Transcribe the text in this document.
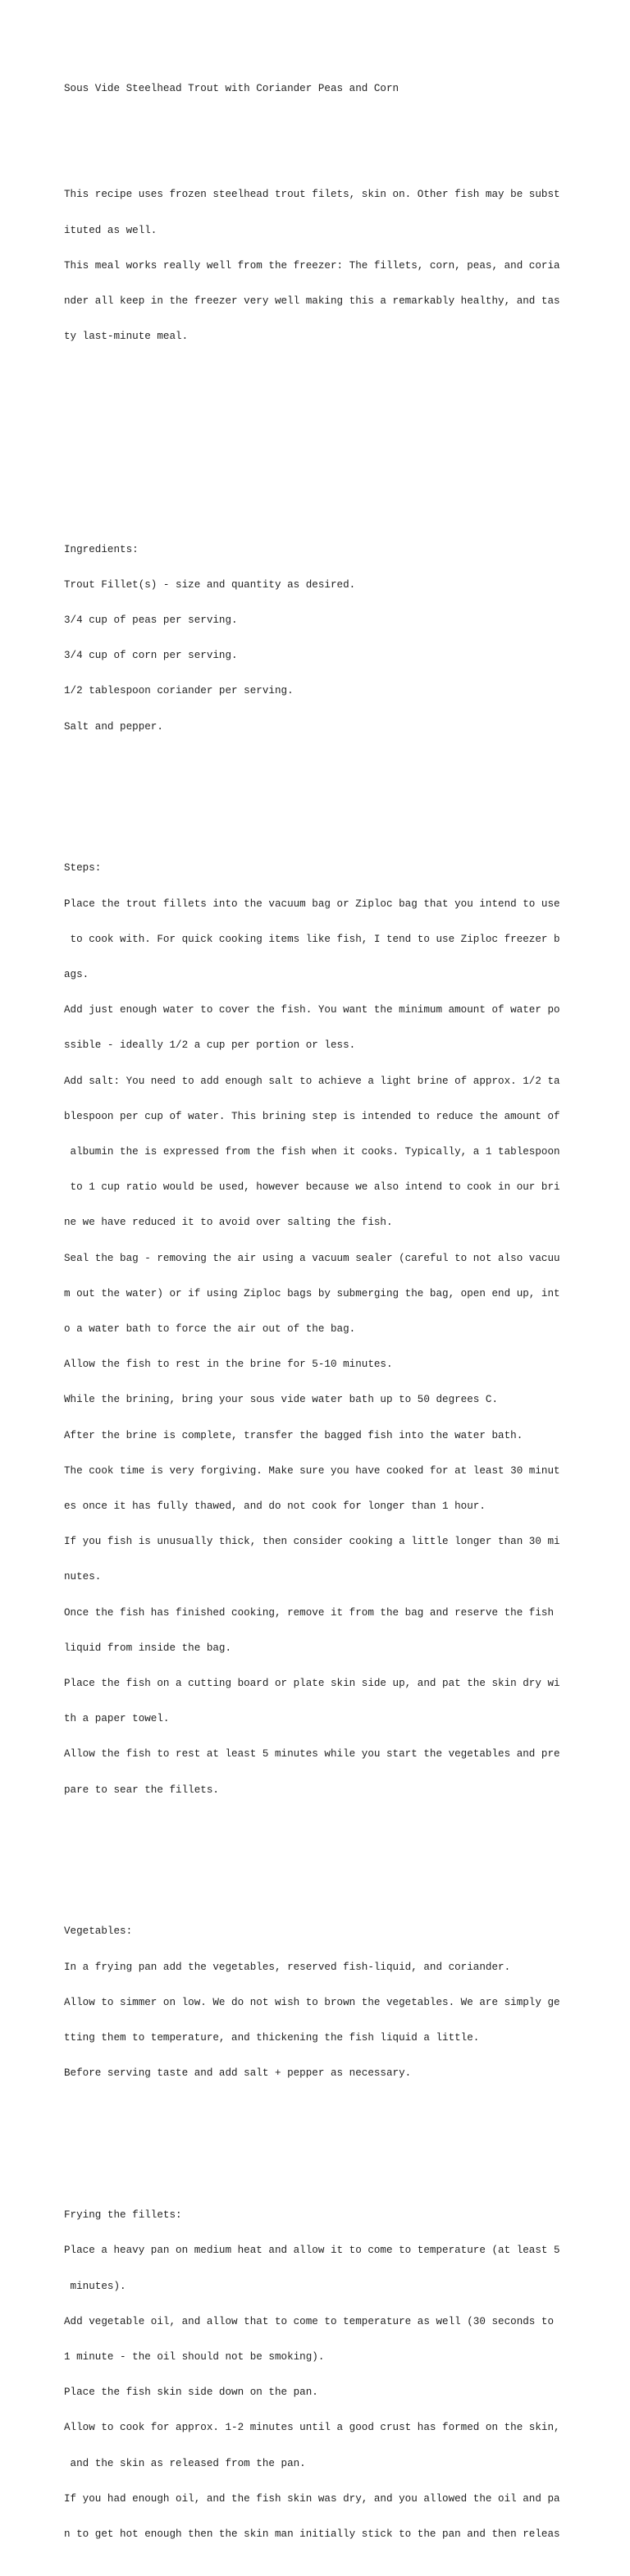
Sous Vide Steelhead Trout with Coriander Peas and Corn

This recipe uses frozen steelhead trout filets, skin on. Other fish may be subst

ituted as well.

This meal works really well from the freezer: The fillets, corn, peas, and coria

nder all keep in the freezer very well making this a remarkably healthy, and tas

ty last-minute meal.

Ingredients:

Trout Fillet(s) - size and quantity as desired.

3/4 cup of peas per serving.

3/4 cup of corn per serving.

1/2 tablespoon coriander per serving.

Salt and pepper.

Steps:

Place the trout fillets into the vacuum bag or Ziploc bag that you intend to use

to cook with. For quick cooking items like fish, I tend to use Ziploc freezer b

ags.

Add just enough water to cover the fish. You want the minimum amount of water po

ssible - ideally 1/2 a cup per portion or less.

Add salt: You need to add enough salt to achieve a light brine of approx. 1/2 ta

blespoon per cup of water. This brining step is intended to reduce the amount of

albumin the is expressed from the fish when it cooks. Typically, a 1 tablespoon

to 1 cup ratio would be used, however because we also intend to cook in our bri

ne we have reduced it to avoid over salting the fish.

Seal the bag - removing the air using a vacuum sealer (careful to not also vacuu

m out the water) or if using Ziploc bags by submerging the bag, open end up, int

o a water bath to force the air out of the bag.

Allow the fish to rest in the brine for 5-10 minutes.

While the brining, bring your sous vide water bath up to 50 degrees C.

After the brine is complete, transfer the bagged fish into the water bath.

The cook time is very forgiving. Make sure you have cooked for at least 30 minut

es once it has fully thawed, and do not cook for longer than 1 hour.

If you fish is unusually thick, then consider cooking a little longer than 30 mi

nutes.

Once the fish has finished cooking, remove it from the bag and reserve the fish

liquid from inside the bag.

Place the fish on a cutting board or plate skin side up, and pat the skin dry wi

th a paper towel.

Allow the fish to rest at least 5 minutes while you start the vegetables and pre

pare to sear the fillets.

Vegetables:

In a frying pan add the vegetables, reserved fish-liquid, and coriander.

Allow to simmer on low. We do not wish to brown the vegetables. We are simply ge

tting them to temperature, and thickening the fish liquid a little.

Before serving taste and add salt + pepper as necessary.

Frying the fillets:

Place a heavy pan on medium heat and allow it to come to temperature (at least 5

minutes).

Add vegetable oil, and allow that to come to temperature as well (30 seconds to

1 minute - the oil should not be smoking).

Place the fish skin side down on the pan.

Allow to cook for approx. 1-2 minutes until a good crust has formed on the skin,

and the skin as released from the pan.

If you had enough oil, and the fish skin was dry, and you allowed the oil and pa

n to get hot enough then the skin man initially stick to the pan and then releas
